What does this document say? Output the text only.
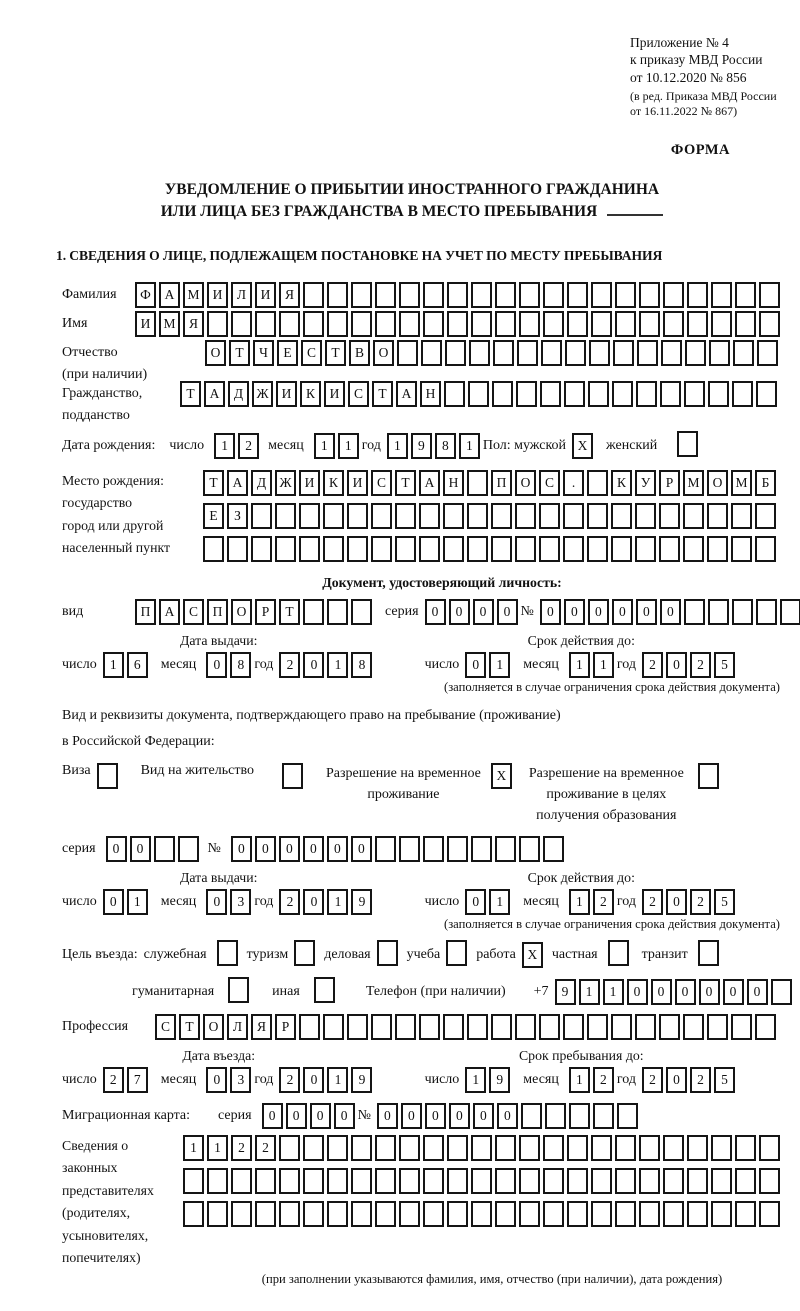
Приложение № 4
к приказу МВД России
от 10.12.2020 № 856
(в ред. Приказа МВД России
от 16.11.2022 № 867)
ФОРМА
УВЕДОМЛЕНИЕ О ПРИБЫТИИ ИНОСТРАННОГО ГРАЖДАНИНА
ИЛИ ЛИЦА БЕЗ ГРАЖДАНСТВА В МЕСТО ПРЕБЫВАНИЯ
1. СВЕДЕНИЯ О ЛИЦЕ, ПОДЛЕЖАЩЕМ ПОСТАНОВКЕ НА УЧЕТ ПО МЕСТУ ПРЕБЫВАНИЯ
Фамилия	Ф	А М И	Л	И	Я
Имя	И М Я
Отчество
(при наличии)
О	Т	Ч	Е	С	Т	В	О
Гражданство,
подданство
Т	А	Д Ж И	К	И	С	Т	А	Н
Дата рождения: число	1	2	месяц	1	1 год 1	9	8	1 Пол: мужской X	женский
Место рождения:
государство
город или другой
населенный пункт
Т	А	Д Ж И	К	И	С	Т	А	Н	П	О	С	.	К	У	Р	М О М	Б
Е	З
Документ, удостоверяющий личность:
вид	П	А	С	П	О	Р	Т	серия 0	0	0	0 № 0	0	0	0	0	0
Дата выдачи:
число 1	6	месяц	0	8 год 2	0	1	8
Срок действия до:
число 0	1	месяц	1	1 год 2	0	2	5
(заполняется в случае ограничения срока действия документа)
Вид и реквизиты документа, подтверждающего право на пребывание (проживание)
в Российской Федерации:
Виза	Вид на жительство	Разрешение на временное
проживание
X	Разрешение на временное
проживание в целях
получения образования
серия	0	0	№	0	0	0	0	0	0
Дата выдачи:
число 0	1	месяц	0	3 год 2	0	1	9
Срок действия до:
число 0	1	месяц	1	2 год 2	0	2	5
(заполняется в случае ограничения срока действия документа)
Цель въезда: служебная	туризм	деловая	учеба	работа X	частная	транзит
гуманитарная	иная	Телефон (при наличии) +7 9	1	1	0	0	0	0	0	0
Профессия	С	Т	О	Л	Я	Р
Дата въезда:
число 2	7	месяц	0	3 год 2	0	1	9
Срок пребывания до:
число 1	9	месяц	1	2 год 2	0	2	5
Миграционная карта: серия	0	0	0	0 № 0	0	0	0	0	0
Сведения о
законных
представителях
(родителях,
усыновителях,
попечителях)
1	1	2	2
(при заполнении указываются фамилия, имя, отчество (при наличии), дата рождения)
